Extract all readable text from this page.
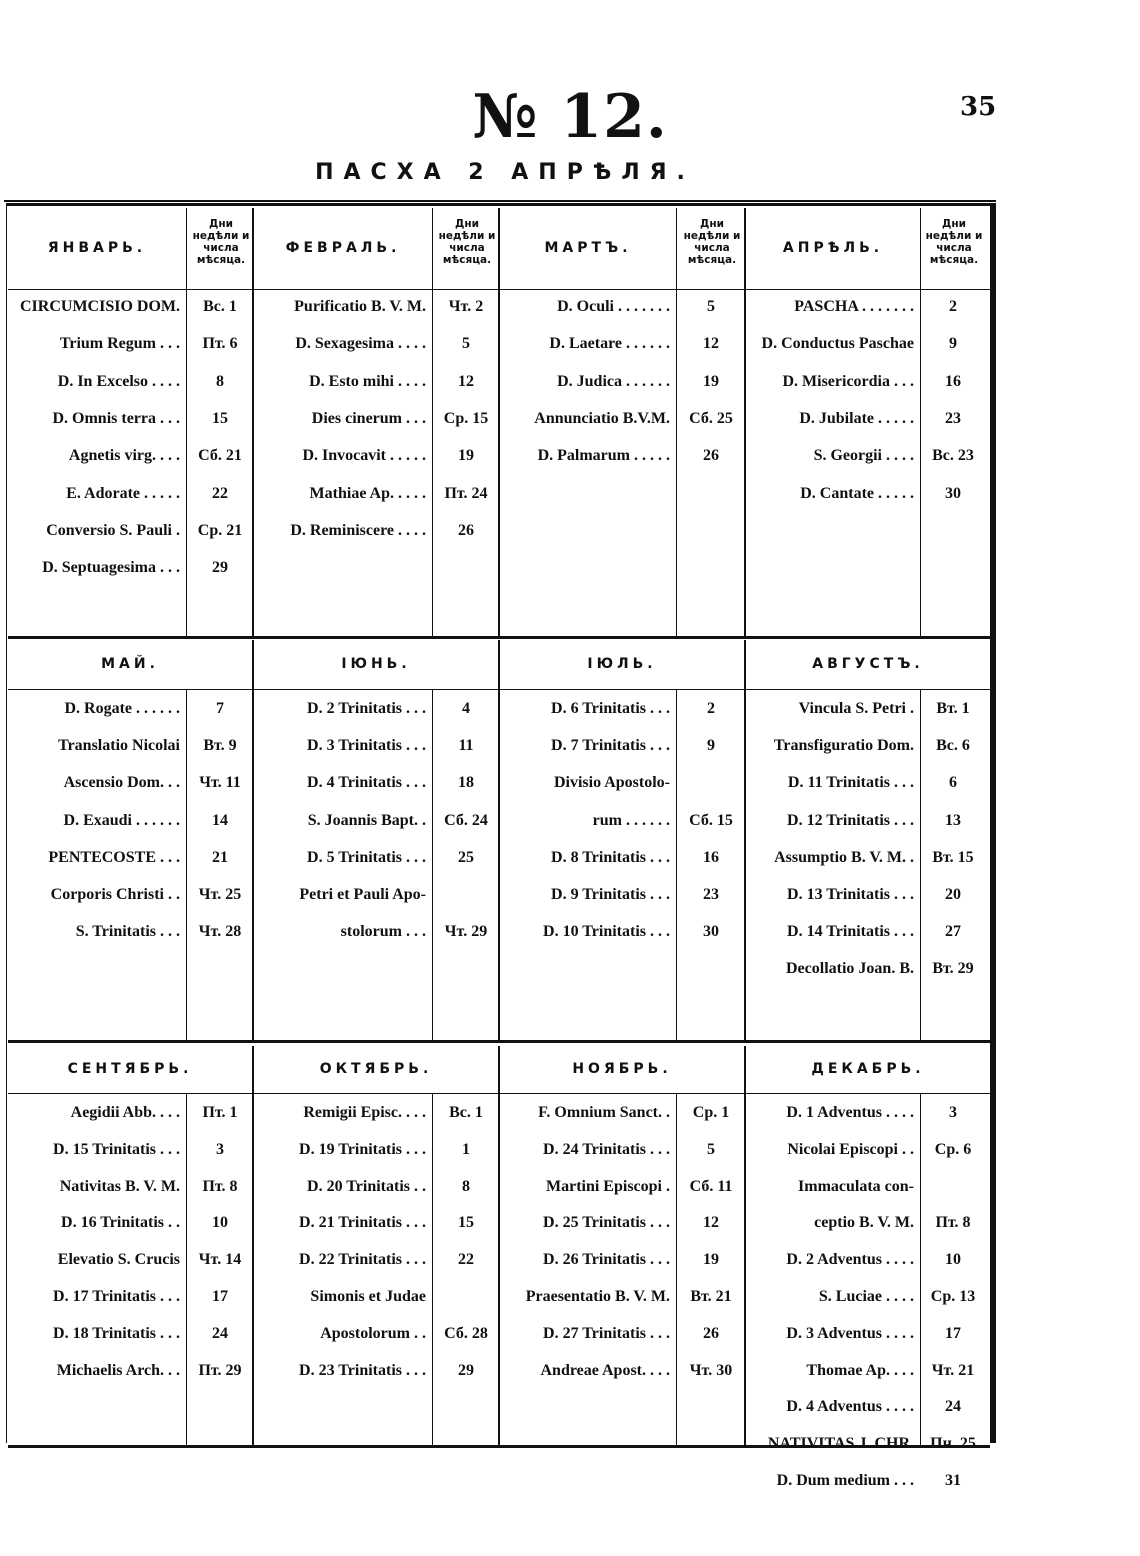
35
№ 12.
ПАСХА 2 АПРѢЛЯ.
ЯНВАРЬ.
Дни недѣли и числа мѣсяца.
CIRCUMCISIO DOM.	Вс. 1
Trium Regum . . .	Пт. 6
D. In Excelso . . . .	8
D. Omnis terra . . .	15
Agnetis virg. . . .	Сб. 21
E. Adorate . . . . .	22
Conversio S. Pauli .	Ср. 21
D. Septuagesima . . .	29
ФЕВРАЛЬ.
Дни недѣли и числа мѣсяца.
Purificatio B. V. M.	Чт. 2
D. Sexagesima . . . .	5
D. Esto mihi . . . .	12
Dies cinerum . . .	Ср. 15
D. Invocavit . . . . .	19
Mathiae Ap. . . . .	Пт. 24
D. Reminiscere . . . .	26
МАРТЪ.
Дни недѣли и числа мѣсяца.
D. Oculi . . . . . . .	5
D. Laetare . . . . . .	12
D. Judica . . . . . .	19
Annunciatio B.V.M.	Сб. 25
D. Palmarum . . . . .	26
АПРѢЛЬ.
Дни недѣли и числа мѣсяца.
PASCHA . . . . . . .	2
D. Conductus Paschae	9
D. Misericordia . . .	16
D. Jubilate . . . . .	23
S. Georgii . . . .	Вс. 23
D. Cantate . . . . .	30
МАЙ.
D. Rogate . . . . . .	7
Translatio Nicolai	Вт. 9
Ascensio Dom. . .	Чт. 11
D. Exaudi . . . . . .	14
PENTECOSTE . . .	21
Corporis Christi . .	Чт. 25
S. Trinitatis . . .	Чт. 28
IЮНЬ.
D. 2 Trinitatis . . .	4
D. 3 Trinitatis . . .	11
D. 4 Trinitatis . . .	18
S. Joannis Bapt. .	Сб. 24
D. 5 Trinitatis . . .	25
Petri et Pauli Apo-
stolorum . . .	Чт. 29
IЮЛЬ.
D. 6 Trinitatis . . .	2
D. 7 Trinitatis . . .	9
Divisio Apostolo-
rum . . . . . .	Сб. 15
D. 8 Trinitatis . . .	16
D. 9 Trinitatis . . .	23
D. 10 Trinitatis . . .	30
АВГУСТЪ.
Vincula S. Petri .	Вт. 1
Transfiguratio Dom.	Вс. 6
D. 11 Trinitatis . . .	6
D. 12 Trinitatis . . .	13
Assumptio B. V. M. .	Вт. 15
D. 13 Trinitatis . . .	20
D. 14 Trinitatis . . .	27
Decollatio Joan. B.	Вт. 29
СЕНТЯБРЬ.
Aegidii Abb. . . .	Пт. 1
D. 15 Trinitatis . . .	3
Nativitas B. V. M.	Пт. 8
D. 16 Trinitatis . .	10
Elevatio S. Crucis	Чт. 14
D. 17 Trinitatis . . .	17
D. 18 Trinitatis . . .	24
Michaelis Arch. . .	Пт. 29
ОКТЯБРЬ.
Remigii Episc. . . .	Вс. 1
D. 19 Trinitatis . . .	1
D. 20 Trinitatis . .	8
D. 21 Trinitatis . . .	15
D. 22 Trinitatis . . .	22
Simonis et Judae
Apostolorum . .	Сб. 28
D. 23 Trinitatis . . .	29
НОЯБРЬ.
F. Omnium Sanct. .	Ср. 1
D. 24 Trinitatis . . .	5
Martini Episcopi .	Сб. 11
D. 25 Trinitatis . . .	12
D. 26 Trinitatis . . .	19
Praesentatio B. V. M.	Вт. 21
D. 27 Trinitatis . . .	26
Andreae Apost. . . .	Чт. 30
ДЕКАБРЬ.
D. 1 Adventus . . . .	3
Nicolai Episcopi . .	Ср. 6
Immaculata con-
ceptio B. V. M.	Пт. 8
D. 2 Adventus . . . .	10
S. Luciae . . . .	Ср. 13
D. 3 Adventus . . . .	17
Thomae Ap. . . .	Чт. 21
D. 4 Adventus . . . .	24
NATIVITAS J. CHR.	Пн. 25
D. Dum medium . . .	31
